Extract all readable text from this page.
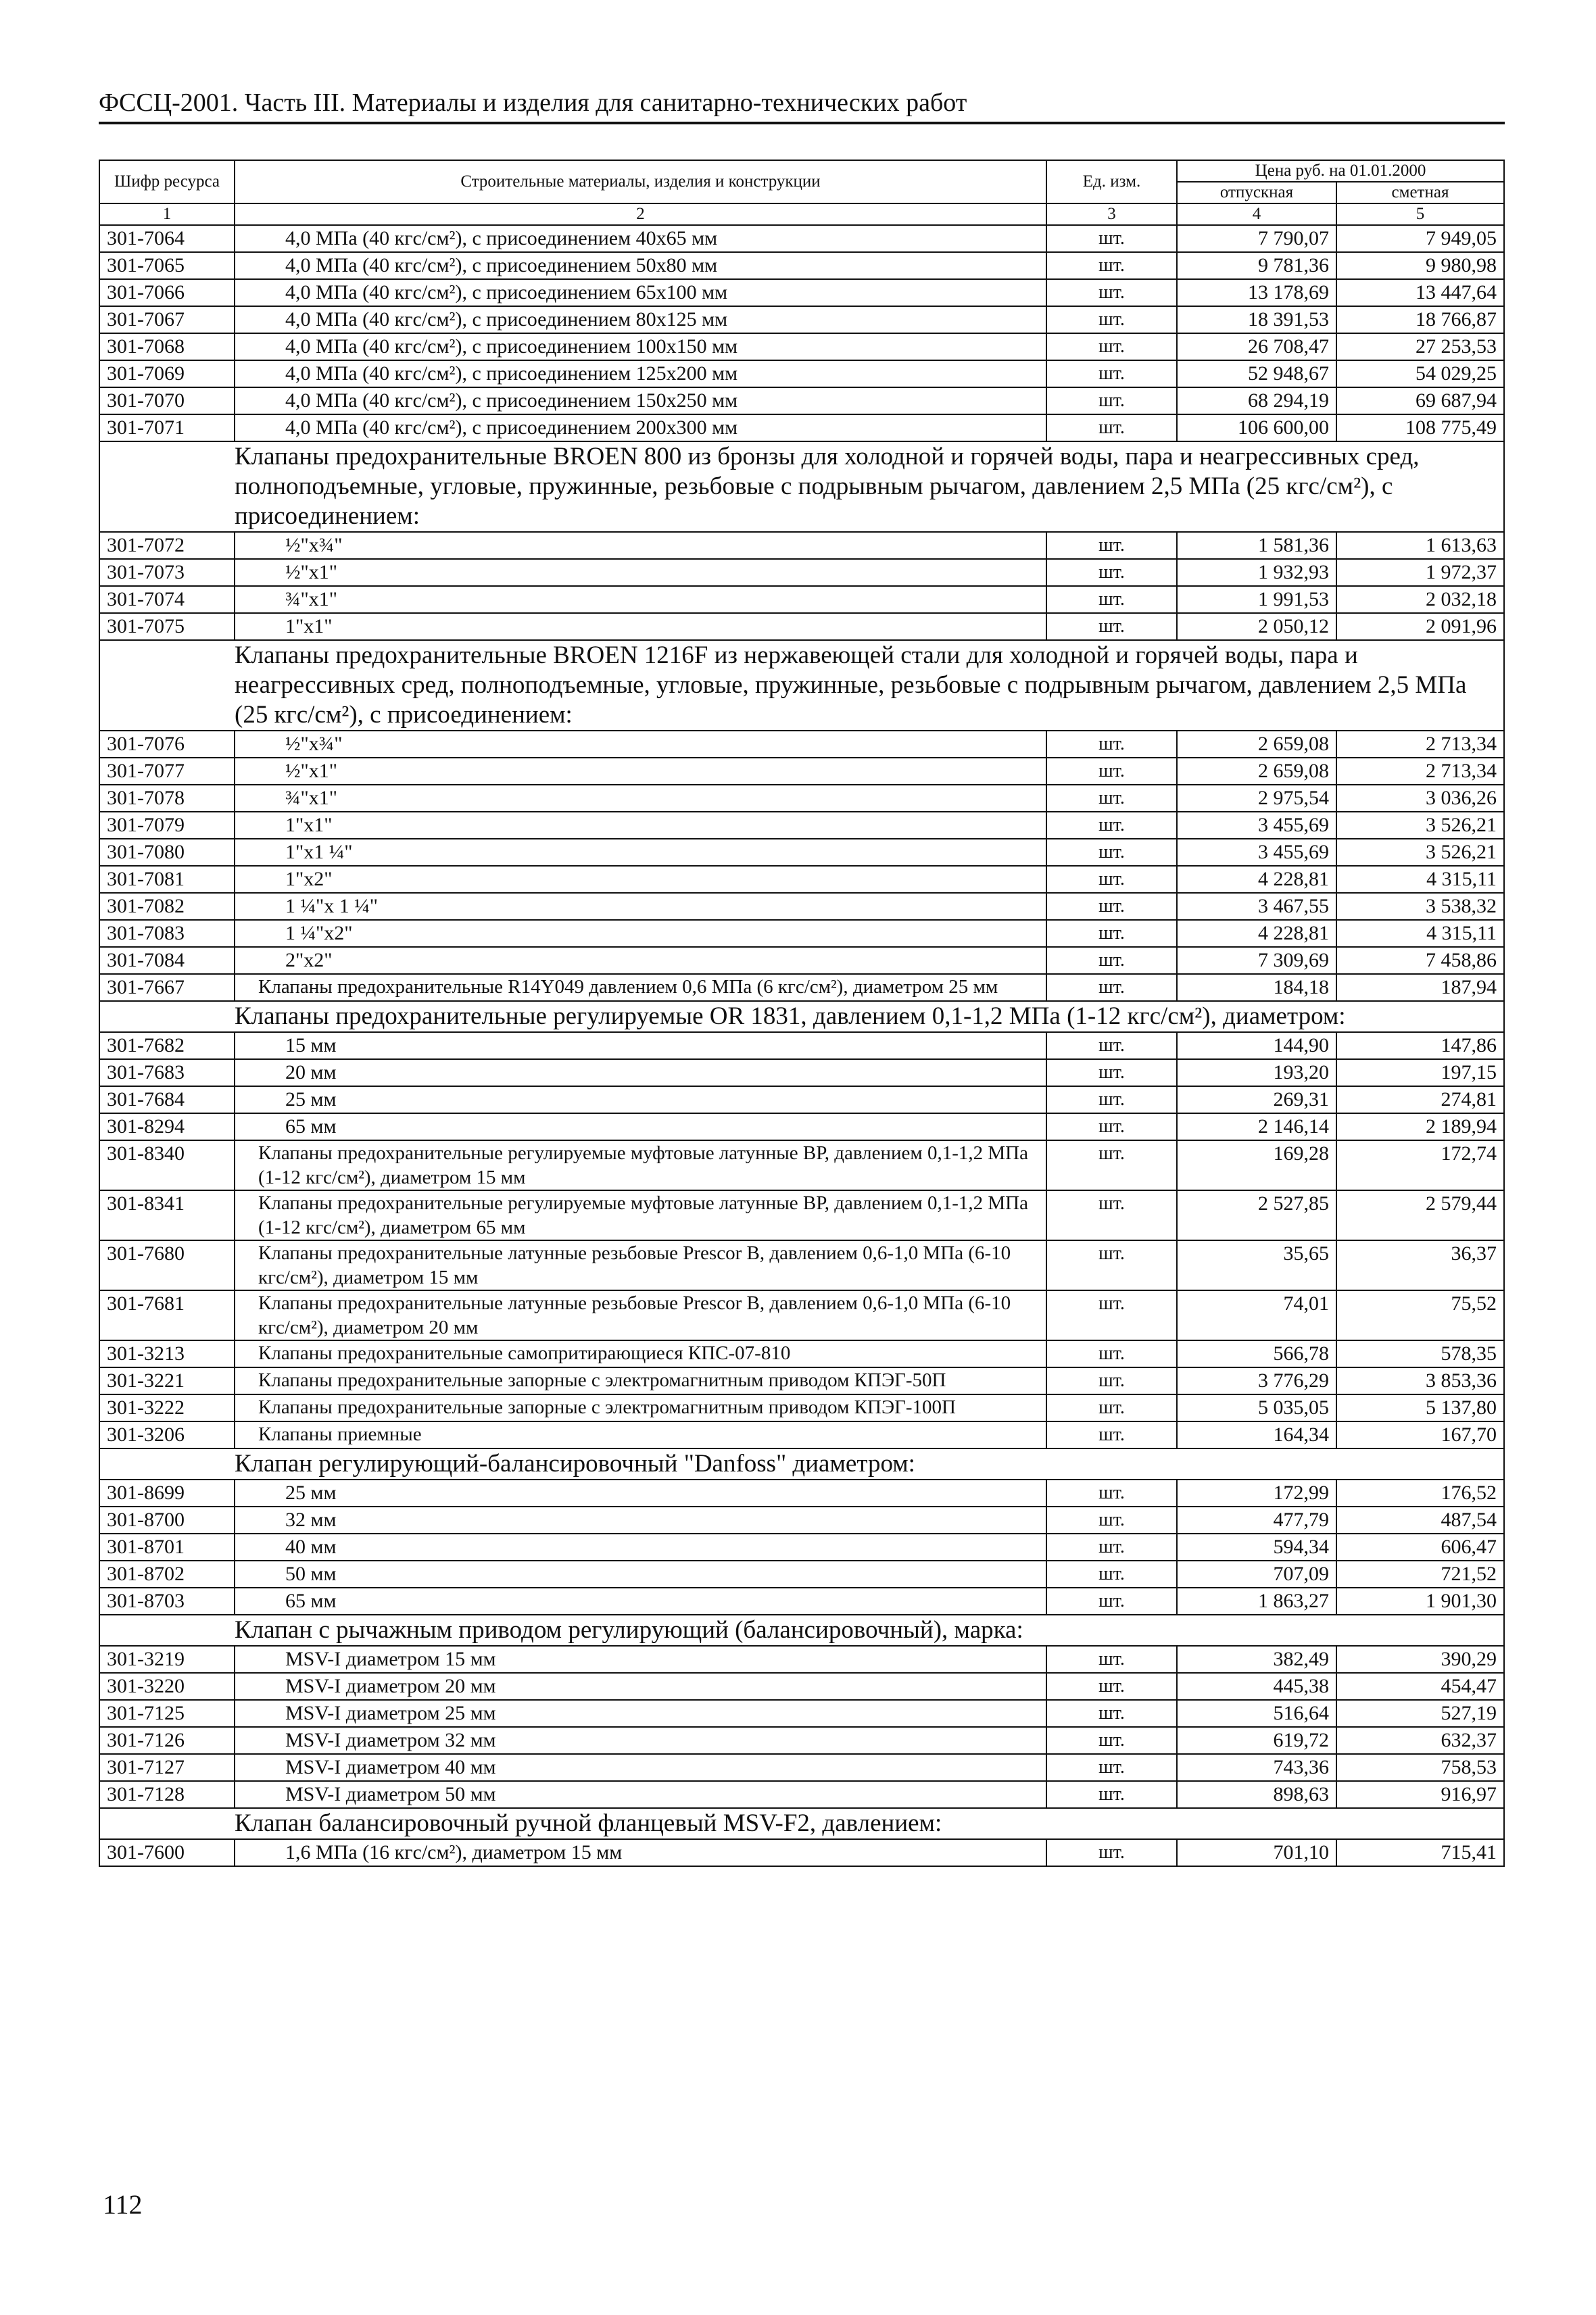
ФССЦ-2001. Часть III. Материалы и изделия для санитарно-технических работ
Шифр ресурса	Строительные материалы, изделия и конструкции	Ед. изм.	Цена руб. на 01.01.2000	
			отпускная	сметная
1	2	3	4	5
301-7064	4,0 МПа (40 кгс/см²), с присоединением 40x65 мм	шт.	7 790,07	7 949,05
301-7065	4,0 МПа (40 кгс/см²), с присоединением 50x80 мм	шт.	9 781,36	9 980,98
301-7066	4,0 МПа (40 кгс/см²), с присоединением 65x100 мм	шт.	13 178,69	13 447,64
301-7067	4,0 МПа (40 кгс/см²), с присоединением 80x125 мм	шт.	18 391,53	18 766,87
301-7068	4,0 МПа (40 кгс/см²), с присоединением 100x150 мм	шт.	26 708,47	27 253,53
301-7069	4,0 МПа (40 кгс/см²), с присоединением 125x200 мм	шт.	52 948,67	54 029,25
301-7070	4,0 МПа (40 кгс/см²), с присоединением 150x250 мм	шт.	68 294,19	69 687,94
301-7071	4,0 МПа (40 кгс/см²), с присоединением 200x300 мм	шт.	106 600,00	108 775,49
	Клапаны предохранительные BROEN 800 из бронзы для холодной и горячей воды, пара и неагрессивных сред, полноподъемные, угловые, пружинные, резьбовые с подрывным рычагом, давлением 2,5 МПа (25 кгс/см²), с присоединением:			
301-7072	½"x¾"	шт.	1 581,36	1 613,63
301-7073	½"x1"	шт.	1 932,93	1 972,37
301-7074	¾"x1"	шт.	1 991,53	2 032,18
301-7075	1"x1"	шт.	2 050,12	2 091,96
	Клапаны предохранительные BROEN 1216F из нержавеющей стали для холодной и горячей воды, пара и неагрессивных сред, полноподъемные, угловые, пружинные, резьбовые с подрывным рычагом, давлением 2,5 МПа (25 кгс/см²), с присоединением:			
301-7076	½"x¾"	шт.	2 659,08	2 713,34
301-7077	½"x1"	шт.	2 659,08	2 713,34
301-7078	¾"x1"	шт.	2 975,54	3 036,26
301-7079	1"x1"	шт.	3 455,69	3 526,21
301-7080	1"x1 ¼"	шт.	3 455,69	3 526,21
301-7081	1"x2"	шт.	4 228,81	4 315,11
301-7082	1 ¼"x 1 ¼"	шт.	3 467,55	3 538,32
301-7083	1 ¼"x2"	шт.	4 228,81	4 315,11
301-7084	2"x2"	шт.	7 309,69	7 458,86
301-7667	Клапаны предохранительные R14Y049 давлением 0,6 МПа (6 кгс/см²), диаметром 25 мм	шт.	184,18	187,94
	Клапаны предохранительные регулируемые OR 1831, давлением 0,1-1,2 МПа (1-12 кгс/см²), диаметром:			
301-7682	15 мм	шт.	144,90	147,86
301-7683	20 мм	шт.	193,20	197,15
301-7684	25 мм	шт.	269,31	274,81
301-8294	65 мм	шт.	2 146,14	2 189,94
301-8340	Клапаны предохранительные регулируемые муфтовые латунные ВР, давлением 0,1-1,2 МПа (1-12 кгс/см²), диаметром 15 мм	шт.	169,28	172,74
301-8341	Клапаны предохранительные регулируемые муфтовые латунные ВР, давлением 0,1-1,2 МПа (1-12 кгс/см²), диаметром 65 мм	шт.	2 527,85	2 579,44
301-7680	Клапаны предохранительные латунные резьбовые Prescor B, давлением 0,6-1,0 МПа (6-10 кгс/см²), диаметром 15 мм	шт.	35,65	36,37
301-7681	Клапаны предохранительные латунные резьбовые Prescor B, давлением 0,6-1,0 МПа (6-10 кгс/см²), диаметром 20 мм	шт.	74,01	75,52
301-3213	Клапаны предохранительные самопритирающиеся КПС-07-810	шт.	566,78	578,35
301-3221	Клапаны предохранительные запорные с электромагнитным приводом КПЭГ-50П	шт.	3 776,29	3 853,36
301-3222	Клапаны предохранительные запорные с электромагнитным приводом КПЭГ-100П	шт.	5 035,05	5 137,80
301-3206	Клапаны приемные	шт.	164,34	167,70
	Клапан регулирующий-балансировочный "Danfoss" диаметром:			
301-8699	25 мм	шт.	172,99	176,52
301-8700	32 мм	шт.	477,79	487,54
301-8701	40 мм	шт.	594,34	606,47
301-8702	50 мм	шт.	707,09	721,52
301-8703	65 мм	шт.	1 863,27	1 901,30
	Клапан с рычажным приводом регулирующий (балансировочный), марка:			
301-3219	MSV-I диаметром 15 мм	шт.	382,49	390,29
301-3220	MSV-I диаметром 20 мм	шт.	445,38	454,47
301-7125	MSV-I диаметром 25 мм	шт.	516,64	527,19
301-7126	MSV-I диаметром 32 мм	шт.	619,72	632,37
301-7127	MSV-I диаметром 40 мм	шт.	743,36	758,53
301-7128	MSV-I диаметром 50 мм	шт.	898,63	916,97
	Клапан балансировочный ручной фланцевый MSV-F2, давлением:			
301-7600	1,6 МПа (16 кгс/см²), диаметром 15 мм	шт.	701,10	715,41
112
